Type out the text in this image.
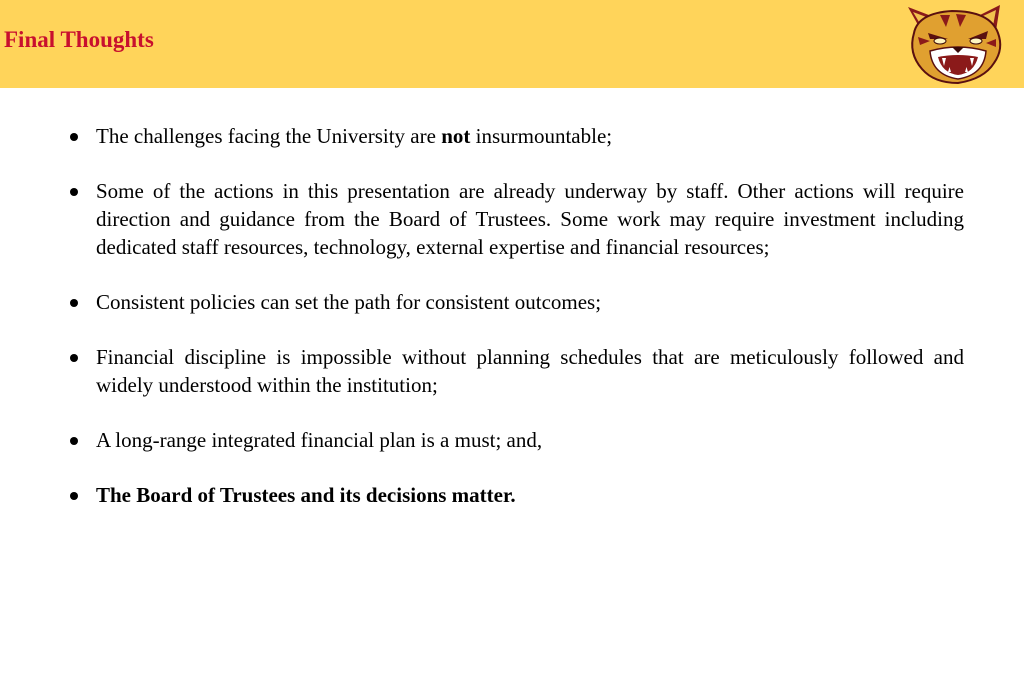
Final Thoughts
The challenges facing the University are not insurmountable;
Some of the actions in this presentation are already underway by staff. Other actions will require direction and guidance from the Board of Trustees. Some work may require investment including dedicated staff resources, technology, external expertise and financial resources;
Consistent policies can set the path for consistent outcomes;
Financial discipline is impossible without planning schedules that are meticulously followed and widely understood within the institution;
A long-range integrated financial plan is a must; and,
The Board of Trustees and its decisions matter.
